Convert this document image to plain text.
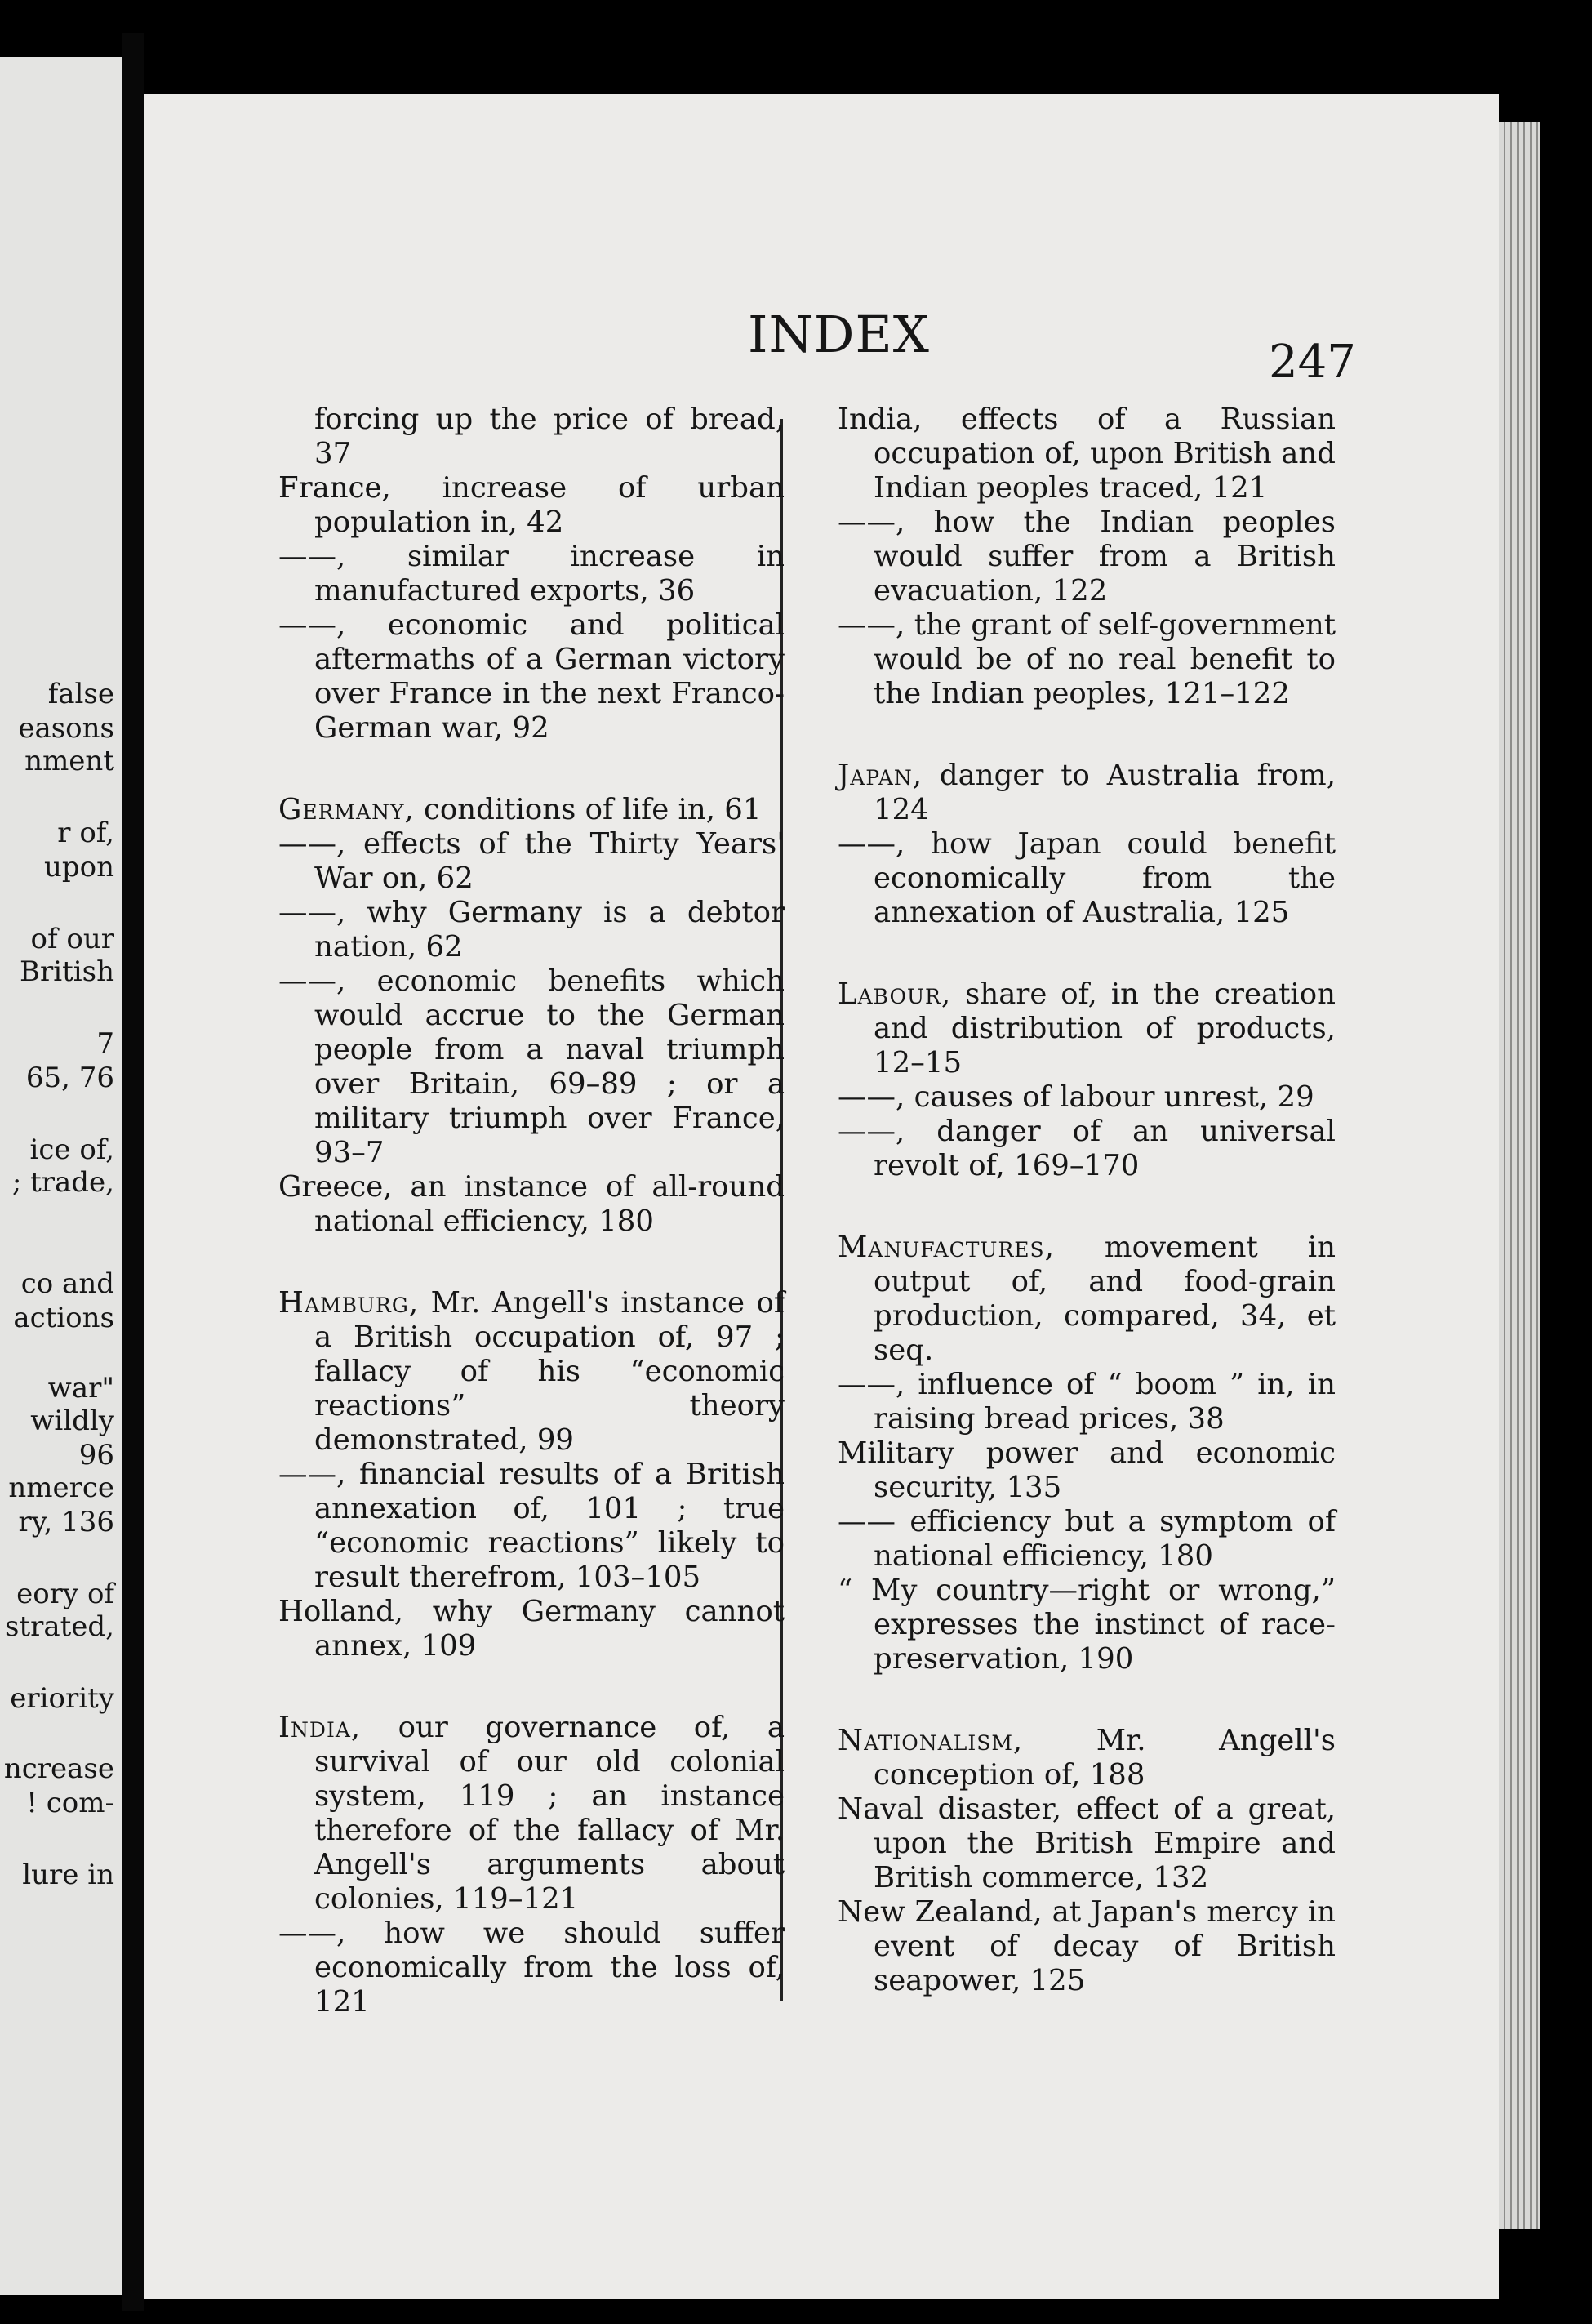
false
easons
nment
r of,
upon
of our
British
7
65, 76
ice of,
; trade,
co and
actions
war"
wildly
96
nmerce
ry, 136
eory of
strated,
eriority
ncrease
! com-
lure in
INDEX	247
forcing up the price of bread, 37
France, increase of urban population in, 42
——, similar increase in manufactured exports, 36
——, economic and political aftermaths of a German victory over France in the next Franco-German war, 92
Germany, conditions of life in, 61
——, effects of the Thirty Years' War on, 62
——, why Germany is a debtor nation, 62
——, economic benefits which would accrue to the German people from a naval triumph over Britain, 69–89 ; or a military triumph over France, 93–7
Greece, an instance of all-round national efficiency, 180
Hamburg, Mr. Angell's instance of a British occupation of, 97 ; fallacy of his “economic reactions” theory demonstrated, 99
——, financial results of a British annexation of, 101 ; true “economic reactions” likely to result therefrom, 103–105
Holland, why Germany cannot annex, 109
India, our governance of, a survival of our old colonial system, 119 ; an instance therefore of the fallacy of Mr. Angell's arguments about colonies, 119–121
——, how we should suffer economically from the loss of, 121
India, effects of a Russian occupation of, upon British and Indian peoples traced, 121
——, how the Indian peoples would suffer from a British evacuation, 122
——, the grant of self-government would be of no real benefit to the Indian peoples, 121–122
Japan, danger to Australia from, 124
——, how Japan could benefit economically from the annexation of Australia, 125
Labour, share of, in the creation and distribution of products, 12–15
——, causes of labour unrest, 29
——, danger of an universal revolt of, 169–170
Manufactures, movement in output of, and food-grain production, compared, 34, et seq.
——, influence of “ boom ” in, in raising bread prices, 38
Military power and economic security, 135
—— efficiency but a symptom of national efficiency, 180
“ My country—right or wrong,” expresses the instinct of race-preservation, 190
Nationalism, Mr. Angell's conception of, 188
Naval disaster, effect of a great, upon the British Empire and British commerce, 132
New Zealand, at Japan's mercy in event of decay of British seapower, 125
